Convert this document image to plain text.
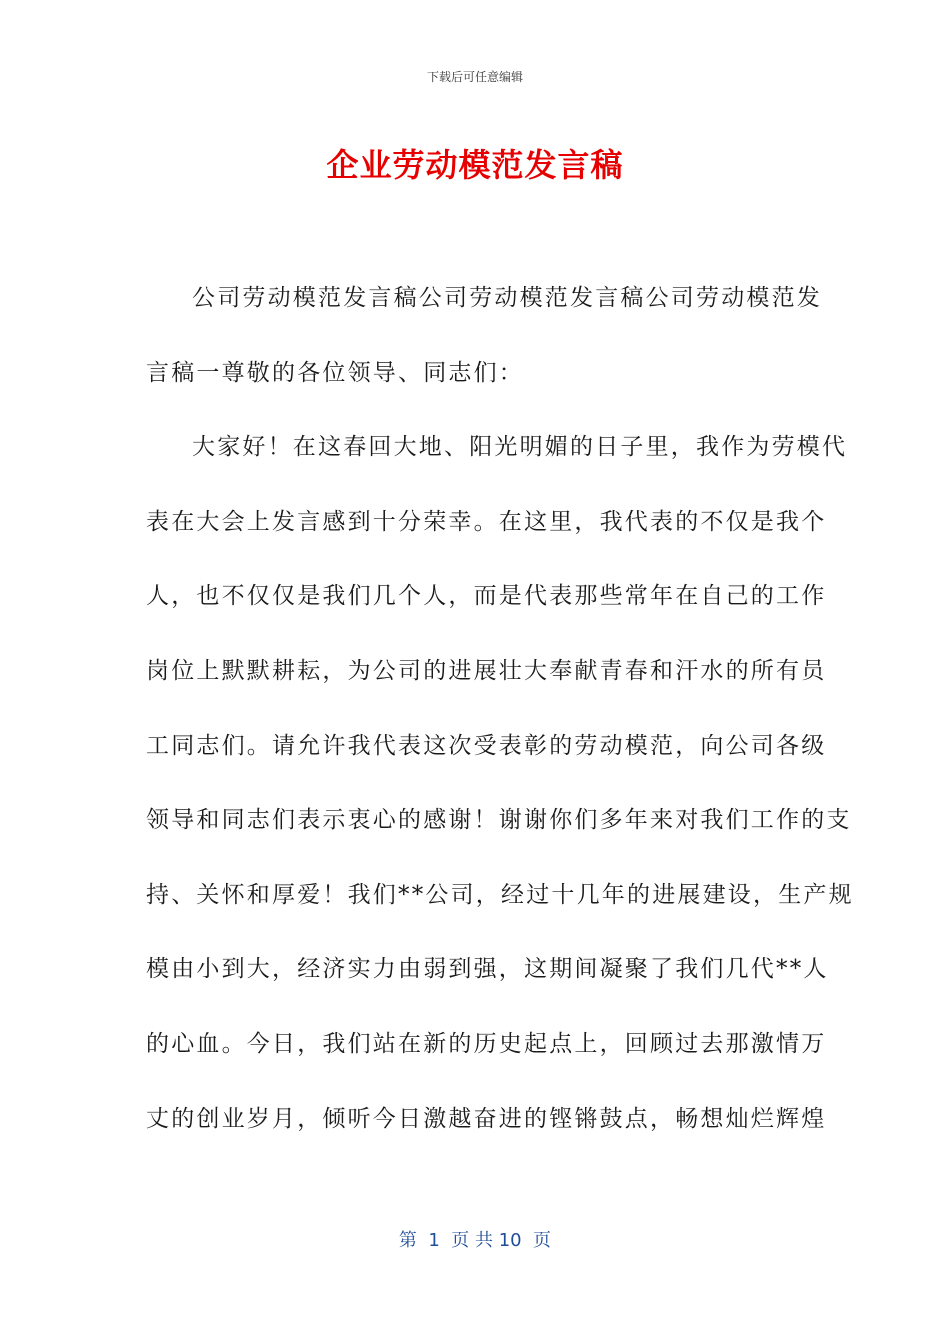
下载后可任意编辑
企业劳动模范发言稿
公司劳动模范发言稿公司劳动模范发言稿公司劳动模范发
言稿一尊敬的各位领导、同志们：
大家好！在这春回大地、阳光明媚的日子里，我作为劳模代
表在大会上发言感到十分荣幸。在这里，我代表的不仅是我个
人，也不仅仅是我们几个人，而是代表那些常年在自己的工作
岗位上默默耕耘，为公司的进展壮大奉献青春和汗水的所有员
工同志们。请允许我代表这次受表彰的劳动模范，向公司各级
领导和同志们表示衷心的感谢！谢谢你们多年来对我们工作的支
持、关怀和厚爱！我们**公司，经过十几年的进展建设，生产规
模由小到大，经济实力由弱到强，这期间凝聚了我们几代**人
的心血。今日，我们站在新的历史起点上，回顾过去那激情万
丈的创业岁月，倾听今日激越奋进的铿锵鼓点，畅想灿烂辉煌
第  1  页 共 10  页
